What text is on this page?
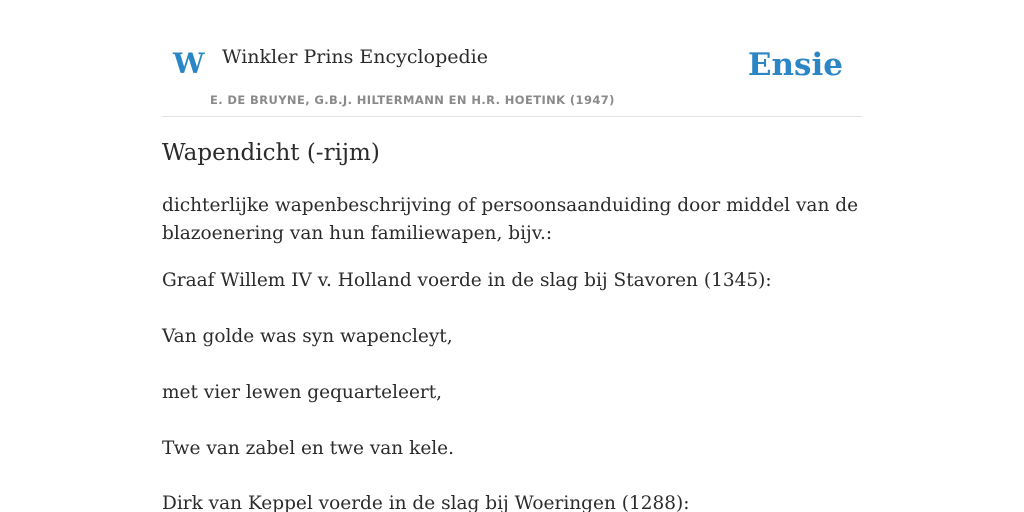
W Winkler Prins Encyclopedie
E. DE BRUYNE, G.B.J. HILTERMANN EN H.R. HOETINK (1947)
Ensie
Wapendicht (-rijm)

dichterlijke wapenbeschrijving of persoonsaanduiding door middel van de blazoenering van hun familiewapen, bijv.:

Graaf Willem IV v. Holland voerde in de slag bij Stavoren (1345):

Van golde was syn wapencleyt,

met vier lewen gequarteleert,

Twe van zabel en twe van kele.

Dirk van Keppel voerde in de slag bij Woeringen (1288):
